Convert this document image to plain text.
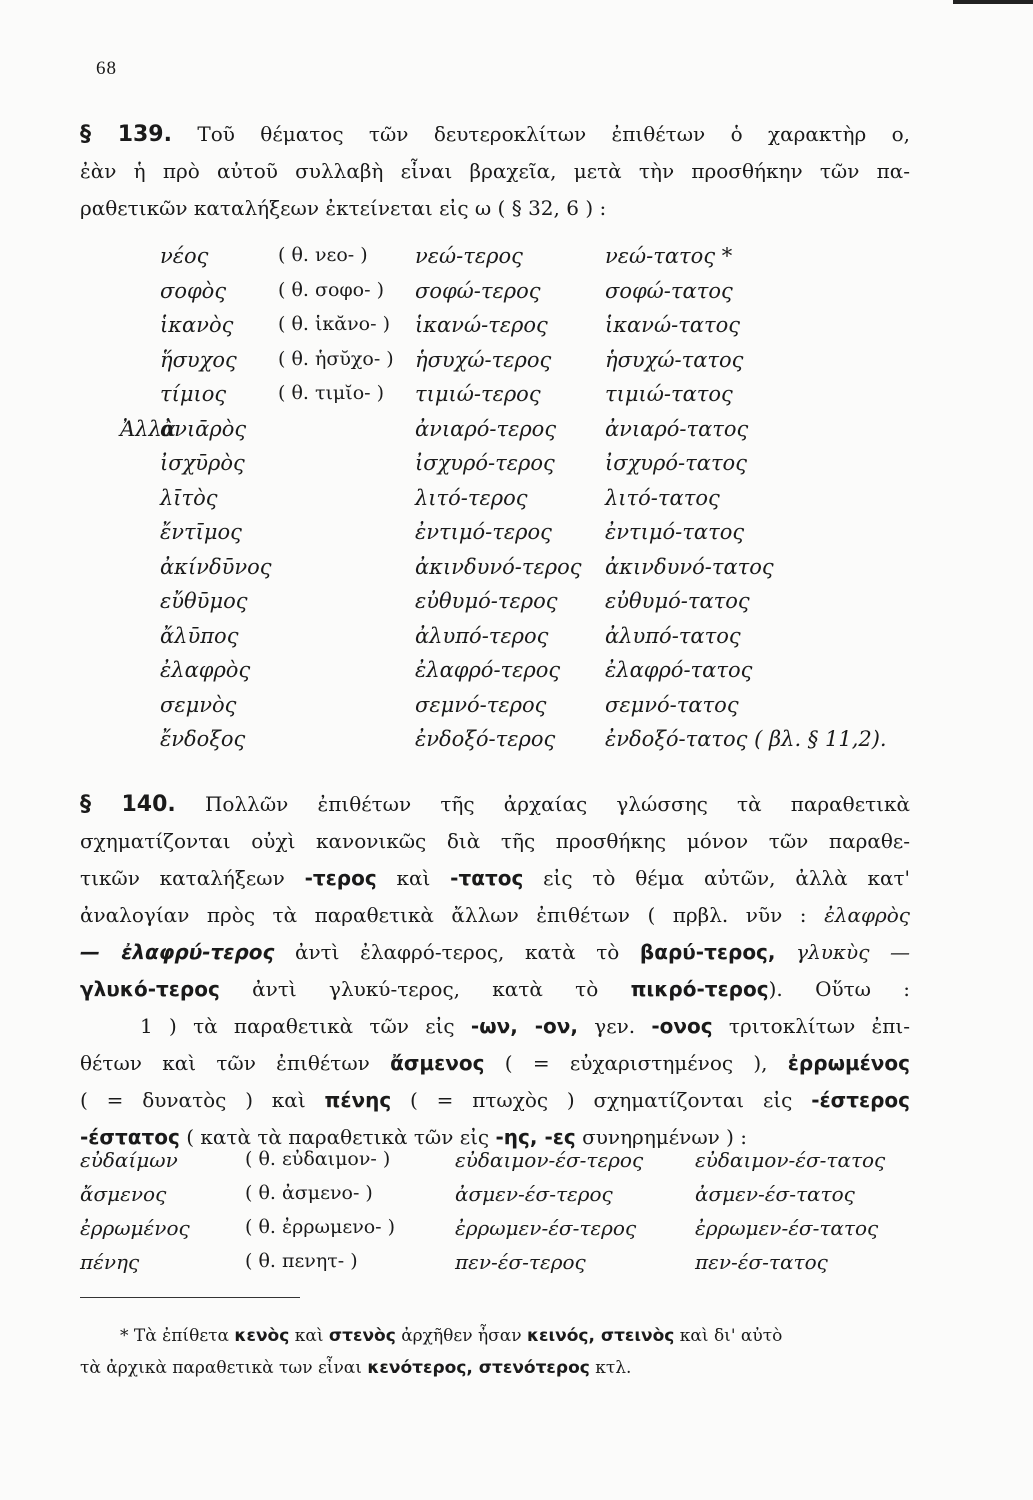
68
§ 139. Τοῦ θέματος τῶν δευτεροκλίτων ἐπιθέτων ὁ χαρακτὴρ ο,
ἐὰν ἡ πρὸ αὐτοῦ συλλαβὴ εἶναι βραχεῖα, μετὰ τὴν προσθήκην τῶν πα-
ραθετικῶν καταλήξεων ἐκτείνεται εἰς ω ( § 32, 6 ) :
νέος	( θ. νεο- ) νεώ-τερος	νεώ-τατος *
σοφὸς	( θ. σοφο- ) σοφώ-τερος	σοφώ-τατος
ἱκανὸς ( θ. ἱκᾰνο- ) ἱκανώ-τερος	ἱκανώ-τατος
ἥσυχος ( θ. ἡσῠχο- ) ἡσυχώ-τερος	ἡσυχώ-τατος
τίμιος	( θ. τιμῐο- ) τιμιώ-τερος	τιμιώ-τατος
Ἀλλὰ
ἀνιᾱρὸς	ἀνιαρό-τερος ἀνιαρό-τατος
ἰσχῡρὸς	ἰσχυρό-τερος ἰσχυρό-τατος
λῑτὸς	λιτό-τερος	λιτό-τατος
ἔντῑμος	ἐντιμό-τερος	ἐντιμό-τατος
ἀκίνδῡνος	ἀκινδυνό-τερος ἀκινδυνό-τατος
εὔθῡμος	εὐθυμό-τερος εὐθυμό-τατος
ἄλῡπος	ἀλυπό-τερος	ἀλυπό-τατος
ἐλαφρὸς	ἐλαφρό-τερος ἐλαφρό-τατος
σεμνὸς	σεμνό-τερος	σεμνό-τατος
ἔνδοξος	ἐνδοξό-τερος ἐνδοξό-τατος ( βλ. § 11,2).
§ 140. Πολλῶν ἐπιθέτων τῆς ἀρχαίας γλώσσης τὰ παραθετικὰ
σχηματίζονται οὐχὶ κανονικῶς διὰ τῆς προσθήκης μόνον τῶν παραθε-
τικῶν καταλήξεων -τερος καὶ -τατος εἰς τὸ θέμα αὐτῶν, ἀλλὰ κατ'
ἀναλογίαν πρὸς τὰ παραθετικὰ ἄλλων ἐπιθέτων ( πρβλ. νῦν : ἐλαφρὸς
— ἐλαφρύ-τερος ἀντὶ ἐλαφρό-τερος, κατὰ τὸ βαρύ-τερος, γλυκὺς —
γλυκό-τερος ἀντὶ γλυκύ-τερος, κατὰ τὸ πικρό-τερος). Οὕτω :
1 ) τὰ παραθετικὰ τῶν εἰς -ων, -ον, γεν. -ονος τριτοκλίτων ἐπι-
θέτων καὶ τῶν ἐπιθέτων ἄσμενος ( = εὐχαριστημένος ), ἐρρωμένος
( = δυνατὸς ) καὶ πένης ( = πτωχὸς ) σχηματίζονται εἰς -έστερος
-έστατος ( κατὰ τὰ παραθετικὰ τῶν εἰς -ης, -ες συνηρημένων ) :
εὐδαίμων	( θ. εὐδαιμον- )	εὐδαιμον-έσ-τερος	εὐδαιμον-έσ-τατος
ἄσμενος	( θ. ἀσμενο- )	ἀσμεν-έσ-τερος	ἀσμεν-έσ-τατος
ἐρρωμένος	( θ. ἐρρωμενο- )	ἐρρωμεν-έσ-τερος	ἐρρωμεν-έσ-τατος
πένης	( θ. πενητ- )	πεν-έσ-τερος	πεν-έσ-τατος
* Τὰ ἐπίθετα κενὸς καὶ στενὸς ἀρχῆθεν ἦσαν κεινός, στεινὸς καὶ δι' αὐτὸ
τὰ ἀρχικὰ παραθετικὰ των εἶναι κενότερος, στενότερος κτλ.
